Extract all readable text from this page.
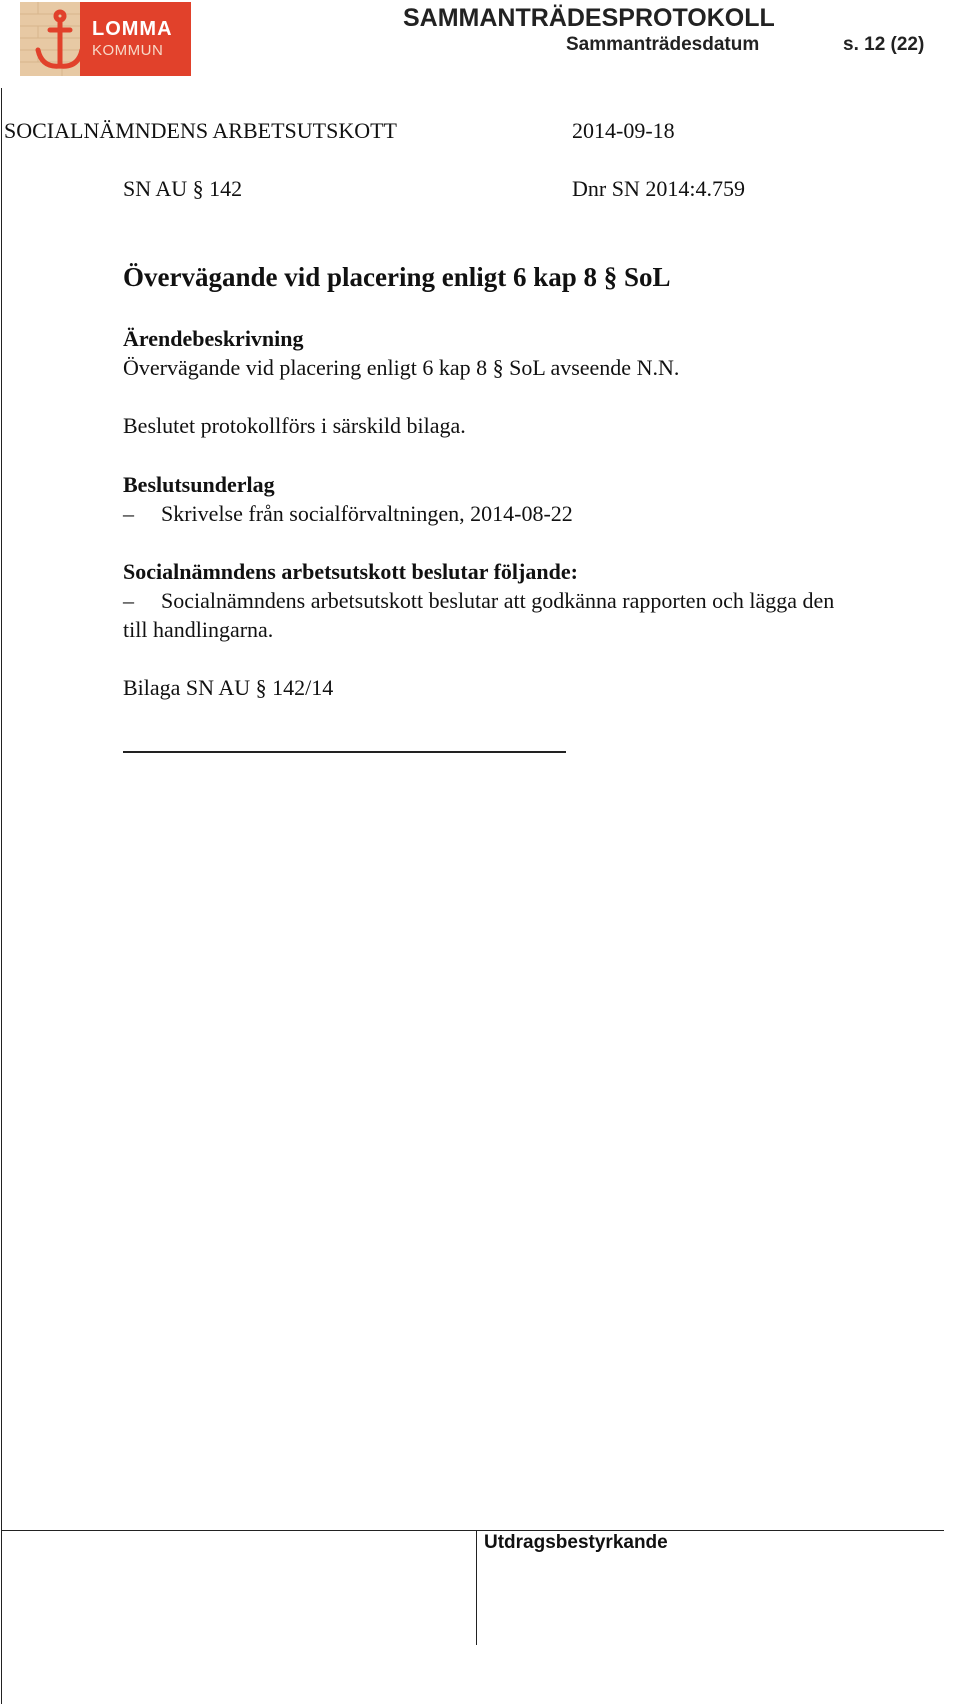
LOMMA
KOMMUN
SAMMANTRÄDESPROTOKOLL
Sammanträdesdatum	s. 12 (22)
SOCIALNÄMNDENS ARBETSUTSKOTT	2014-09-18
SN AU § 142	Dnr SN 2014:4.759
Övervägande vid placering enligt 6 kap 8 § SoL
Ärendebeskrivning
Övervägande vid placering enligt 6 kap 8 § SoL avseende N.N.
Beslutet protokollförs i särskild bilaga.
Beslutsunderlag
– Skrivelse från socialförvaltningen, 2014-08-22
Socialnämndens arbetsutskott beslutar följande:
– Socialnämndens arbetsutskott beslutar att godkänna rapporten och lägga den
till handlingarna.
Bilaga SN AU § 142/14
Utdragsbestyrkande
